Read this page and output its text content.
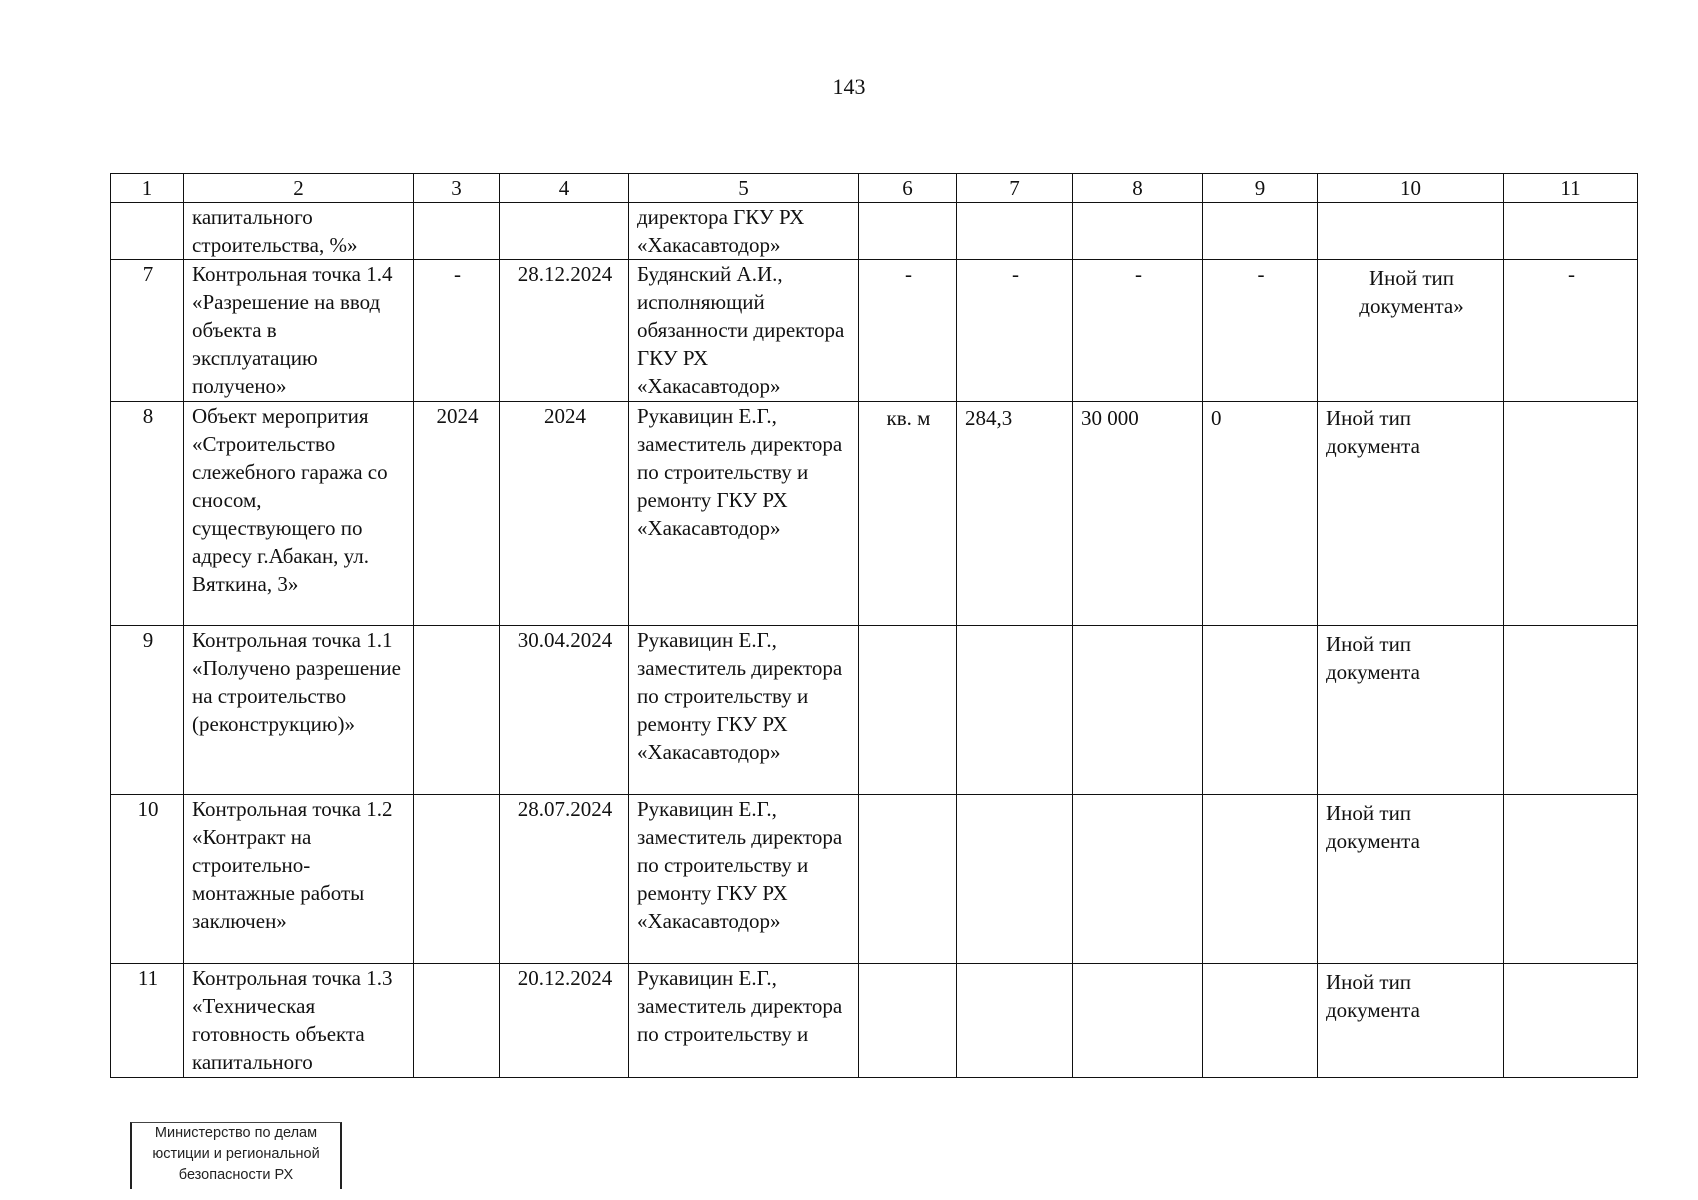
143
1	2	3	4	5	6	7	8	9	10	11
	капитального строительства, %»			директора ГКУ РХ «Хакасавтодор»						
7	Контрольная точка 1.4 «Разрешение на ввод объекта в эксплуатацию получено»	-	28.12.2024	Будянский А.И., исполняющий обязанности директора ГКУ РХ «Хакасавтодор»	-	-	-	-	Иной тип документа»	-
8	Объект меропрития «Строительство слежебного гаража со сносом, существующего по адресу г.Абакан, ул. Вяткина, 3»	2024	2024	Рукавицин Е.Г., заместитель директора по строительству и ремонту ГКУ РХ «Хакасавтодор»	кв. м	284,3	30 000	0	Иной тип документа	
9	Контрольная точка 1.1 «Получено разрешение на строительство (реконструкцию)»		30.04.2024	Рукавицин Е.Г., заместитель директора по строительству и ремонту ГКУ РХ «Хакасавтодор»					Иной тип документа	
10	Контрольная точка 1.2 «Контракт на строительно-монтажные работы заключен»		28.07.2024	Рукавицин Е.Г., заместитель директора по строительству и ремонту ГКУ РХ «Хакасавтодор»					Иной тип документа	
11	Контрольная точка 1.3 «Техническая готовность объекта капитального		20.12.2024	Рукавицин Е.Г., заместитель директора по строительству и					Иной тип документа	
Министерство по делам
юстиции и региональной
безопасности РХ
